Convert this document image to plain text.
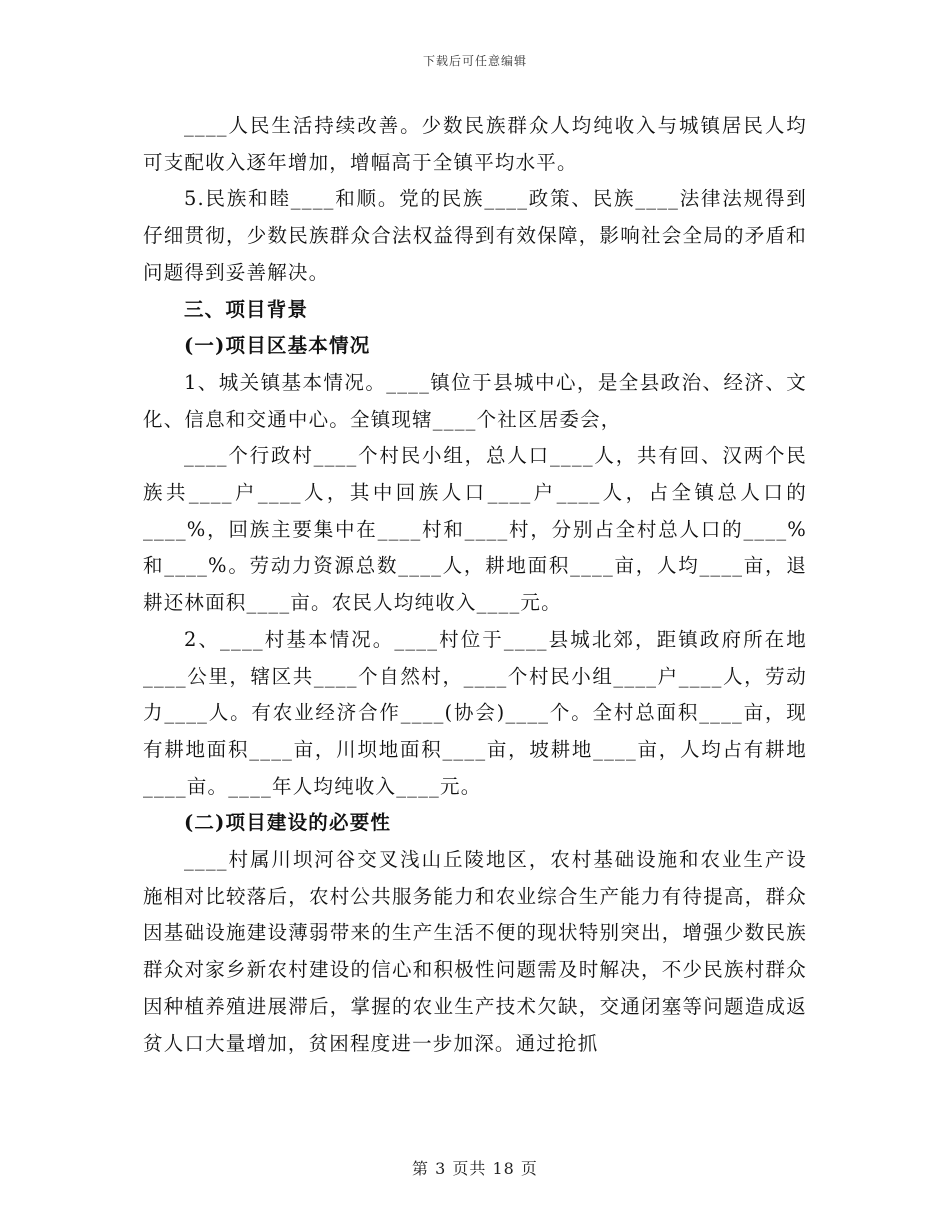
下载后可任意编辑

____人民生活持续改善。少数民族群众人均纯收入与城镇居民人均可支配收入逐年增加，增幅高于全镇平均水平。

5.民族和睦____和顺。党的民族____政策、民族____法律法规得到仔细贯彻，少数民族群众合法权益得到有效保障，影响社会全局的矛盾和问题得到妥善解决。

三、项目背景

(一)项目区基本情况

1、城关镇基本情况。____镇位于县城中心，是全县政治、经济、文化、信息和交通中心。全镇现辖____个社区居委会，

____个行政村____个村民小组，总人口____人，共有回、汉两个民族共____户____人，其中回族人口____户____人，占全镇总人口的____%，回族主要集中在____村和____村，分别占全村总人口的____%和____%。劳动力资源总数____人，耕地面积____亩，人均____亩，退耕还林面积____亩。农民人均纯收入____元。

2、____村基本情况。____村位于____县城北郊，距镇政府所在地____公里，辖区共____个自然村，____个村民小组____户____人，劳动力____人。有农业经济合作____(协会)____个。全村总面积____亩，现有耕地面积____亩，川坝地面积____亩，坡耕地____亩，人均占有耕地____亩。____年人均纯收入____元。

(二)项目建设的必要性

____村属川坝河谷交叉浅山丘陵地区，农村基础设施和农业生产设施相对比较落后，农村公共服务能力和农业综合生产能力有待提高，群众因基础设施建设薄弱带来的生产生活不便的现状特别突出，增强少数民族群众对家乡新农村建设的信心和积极性问题需及时解决，不少民族村群众因种植养殖进展滞后，掌握的农业生产技术欠缺，交通闭塞等问题造成返贫人口大量增加，贫困程度进一步加深。通过抢抓

第 3 页共 18 页
